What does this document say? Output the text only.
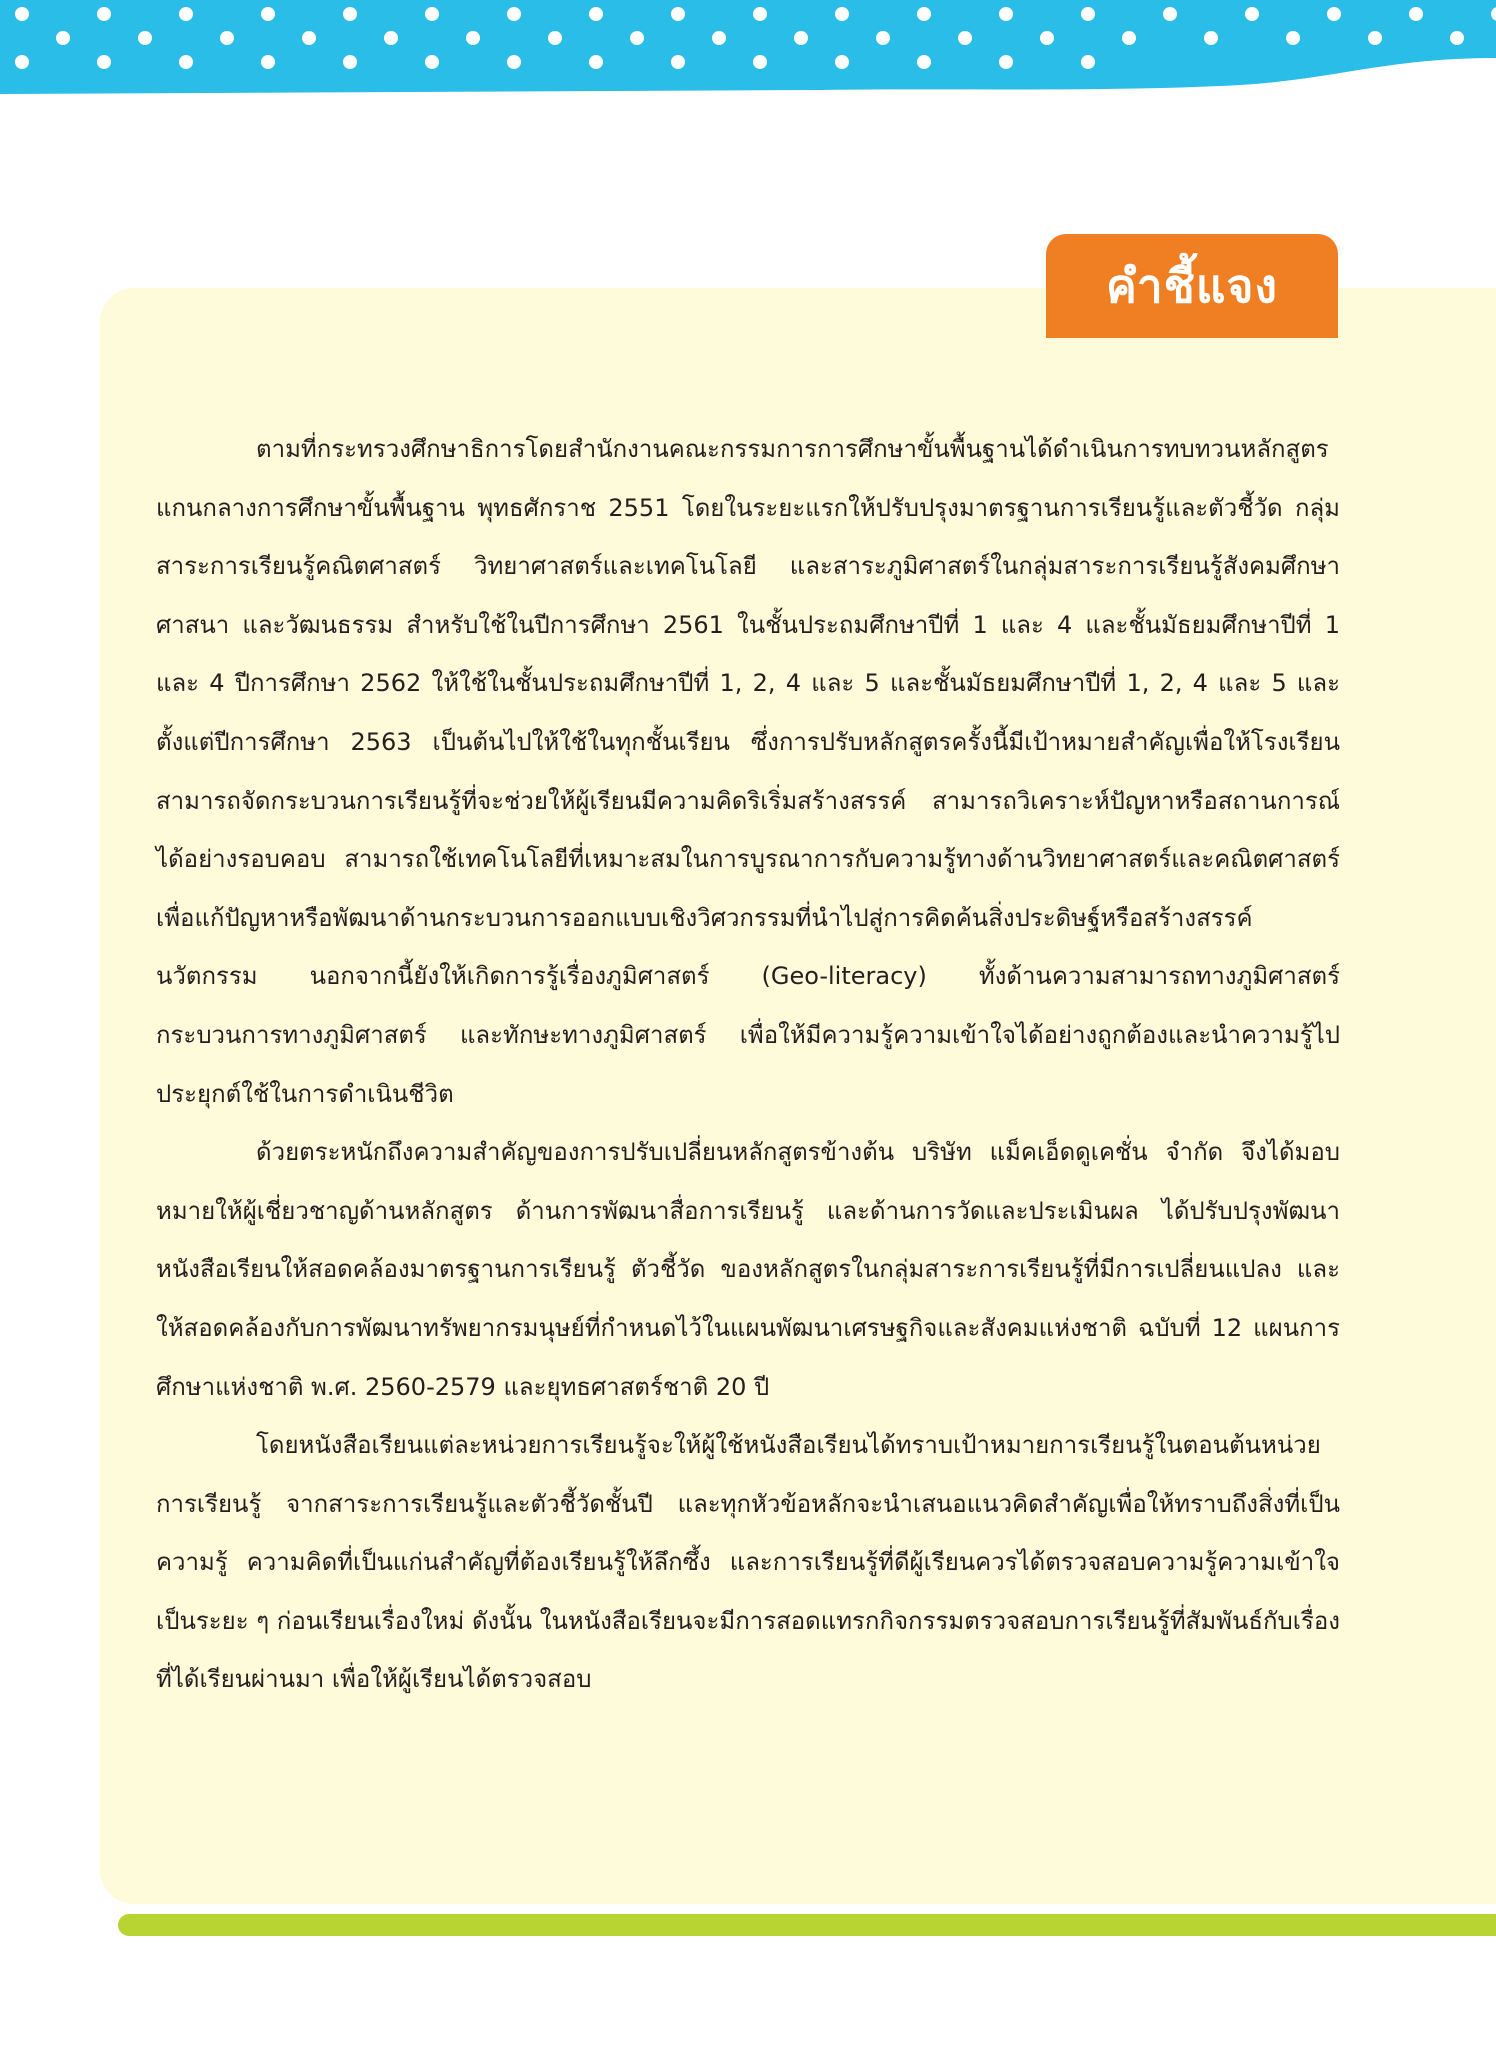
คำชี้แจง

ตามที่กระทรวงศึกษาธิการโดยสำนักงานคณะกรรมการการศึกษาขั้นพื้นฐานได้ดำเนินการทบทวนหลักสูตรแกนกลางการศึกษาขั้นพื้นฐาน พุทธศักราช 2551 โดยในระยะแรกให้ปรับปรุงมาตรฐานการเรียนรู้และตัวชี้วัด กลุ่มสาระการเรียนรู้คณิตศาสตร์ วิทยาศาสตร์และเทคโนโลยี และสาระภูมิศาสตร์ในกลุ่มสาระการเรียนรู้สังคมศึกษา ศาสนา และวัฒนธรรม สำหรับใช้ในปีการศึกษา 2561 ในชั้นประถมศึกษาปีที่ 1 และ 4 และชั้นมัธยมศึกษาปีที่ 1 และ 4 ปีการศึกษา 2562 ให้ใช้ในชั้นประถมศึกษาปีที่ 1, 2, 4 และ 5 และชั้นมัธยมศึกษาปีที่ 1, 2, 4 และ 5 และตั้งแต่ปีการศึกษา 2563 เป็นต้นไปให้ใช้ในทุกชั้นเรียน ซึ่งการปรับหลักสูตรครั้งนี้มีเป้าหมายสำคัญเพื่อให้โรงเรียนสามารถจัดกระบวนการเรียนรู้ที่จะช่วยให้ผู้เรียนมีความคิดริเริ่มสร้างสรรค์ สามารถวิเคราะห์ปัญหาหรือสถานการณ์ได้อย่างรอบคอบ สามารถใช้เทคโนโลยีที่เหมาะสมในการบูรณาการกับความรู้ทางด้านวิทยาศาสตร์และคณิตศาสตร์ เพื่อแก้ปัญหาหรือพัฒนาด้านกระบวนการออกแบบเชิงวิศวกรรมที่นำไปสู่การคิดค้นสิ่งประดิษฐ์หรือสร้างสรรค์นวัตกรรม นอกจากนี้ยังให้เกิดการรู้เรื่องภูมิศาสตร์ (Geo-literacy) ทั้งด้านความสามารถทางภูมิศาสตร์ กระบวนการทางภูมิศาสตร์ และทักษะทางภูมิศาสตร์ เพื่อให้มีความรู้ความเข้าใจได้อย่างถูกต้องและนำความรู้ไปประยุกต์ใช้ในการดำเนินชีวิต

ด้วยตระหนักถึงความสำคัญของการปรับเปลี่ยนหลักสูตรข้างต้น บริษัท แม็คเอ็ดดูเคชั่น จำกัด จึงได้มอบหมายให้ผู้เชี่ยวชาญด้านหลักสูตร ด้านการพัฒนาสื่อการเรียนรู้ และด้านการวัดและประเมินผล ได้ปรับปรุงพัฒนาหนังสือเรียนให้สอดคล้องมาตรฐานการเรียนรู้ ตัวชี้วัด ของหลักสูตรในกลุ่มสาระการเรียนรู้ที่มีการเปลี่ยนแปลง และให้สอดคล้องกับการพัฒนาทรัพยากรมนุษย์ที่กำหนดไว้ในแผนพัฒนาเศรษฐกิจและสังคมแห่งชาติ ฉบับที่ 12 แผนการศึกษาแห่งชาติ พ.ศ. 2560-2579 และยุทธศาสตร์ชาติ 20 ปี

โดยหนังสือเรียนแต่ละหน่วยการเรียนรู้จะให้ผู้ใช้หนังสือเรียนได้ทราบเป้าหมายการเรียนรู้ในตอนต้นหน่วยการเรียนรู้ จากสาระการเรียนรู้และตัวชี้วัดชั้นปี และทุกหัวข้อหลักจะนำเสนอแนวคิดสำคัญเพื่อให้ทราบถึงสิ่งที่เป็นความรู้ ความคิดที่เป็นแก่นสำคัญที่ต้องเรียนรู้ให้ลึกซึ้ง และการเรียนรู้ที่ดีผู้เรียนควรได้ตรวจสอบความรู้ความเข้าใจเป็นระยะ ๆ ก่อนเรียนเรื่องใหม่ ดังนั้น ในหนังสือเรียนจะมีการสอดแทรกกิจกรรมตรวจสอบการเรียนรู้ที่สัมพันธ์กับเรื่องที่ได้เรียนผ่านมา เพื่อให้ผู้เรียนได้ตรวจสอบ
